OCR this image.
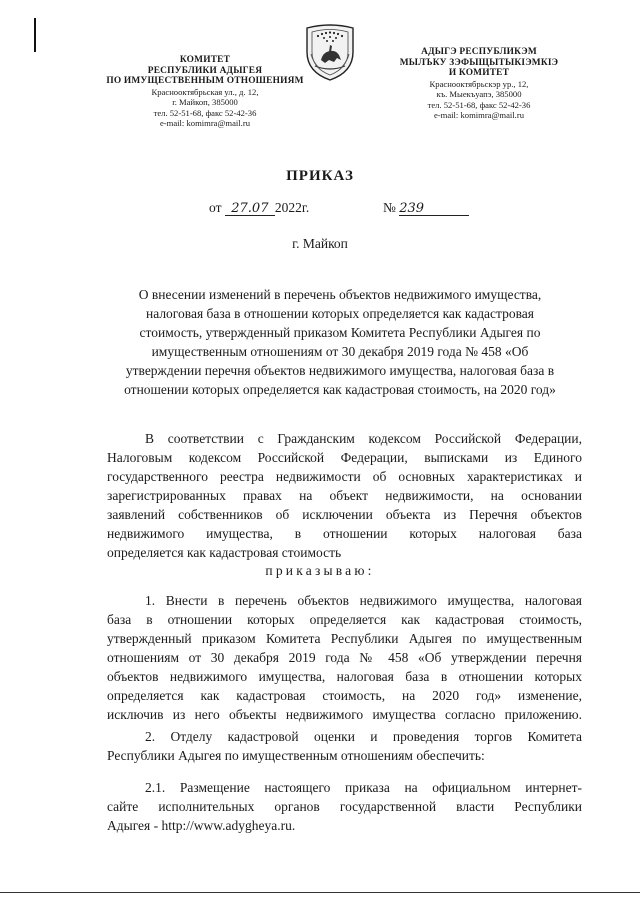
КОМИТЕТ
РЕСПУБЛИКИ АДЫГЕЯ
ПО ИМУЩЕСТВЕННЫМ ОТНОШЕНИЯМ
Краснооктябрьская ул., д. 12,
г. Майкоп, 385000
тел. 52-51-68, факс 52-42-36
e-mail: komimra@mail.ru
АДЫГЭ РЕСПУБЛИКЭМ
МЫЛЪКУ ЗЭФЫЩЫТЫКІЭМКІЭ
И КОМИТЕТ
Краснооктябрьскэр ур., 12,
къ. Мыекъуапэ, 385000
тел. 52-51-68, факс 52-42-36
e-mail: komimra@mail.ru
ПРИКАЗ
от 27.07 2022г.	№ 239
г. Майкоп
О внесении изменений в перечень объектов недвижимого имущества,
налоговая база в отношении которых определяется как кадастровая
стоимость, утвержденный приказом Комитета Республики Адыгея по
имущественным отношениям от 30 декабря 2019 года № 458 «Об
утверждении перечня объектов недвижимого имущества, налоговая база в
отношении которых определяется как кадастровая стоимость, на 2020 год»
В соответствии с Гражданским кодексом Российской Федерации,
Налоговым кодексом Российской Федерации, выписками из Единого
государственного реестра недвижимости об основных характеристиках и
зарегистрированных правах на объект недвижимости, на основании
заявлений собственников об исключении объекта из Перечня объектов
недвижимого имущества, в отношении которых налоговая база
определяется как кадастровая стоимость
приказываю:
1. Внести в перечень объектов недвижимого имущества, налоговая
база в отношении которых определяется как кадастровая стоимость,
утвержденный приказом Комитета Республики Адыгея по имущественным
отношениям от 30 декабря 2019 года № 458 «Об утверждении перечня
объектов недвижимого имущества, налоговая база в отношении которых
определяется как кадастровая стоимость, на 2020 год» изменение,
исключив из него объекты недвижимого имущества согласно приложению.
2. Отделу кадастровой оценки и проведения торгов Комитета
Республики Адыгея по имущественным отношениям обеспечить:
2.1. Размещение настоящего приказа на официальном интернет-
сайте исполнительных органов государственной власти Республики
Адыгея - http://www.adygheya.ru.
